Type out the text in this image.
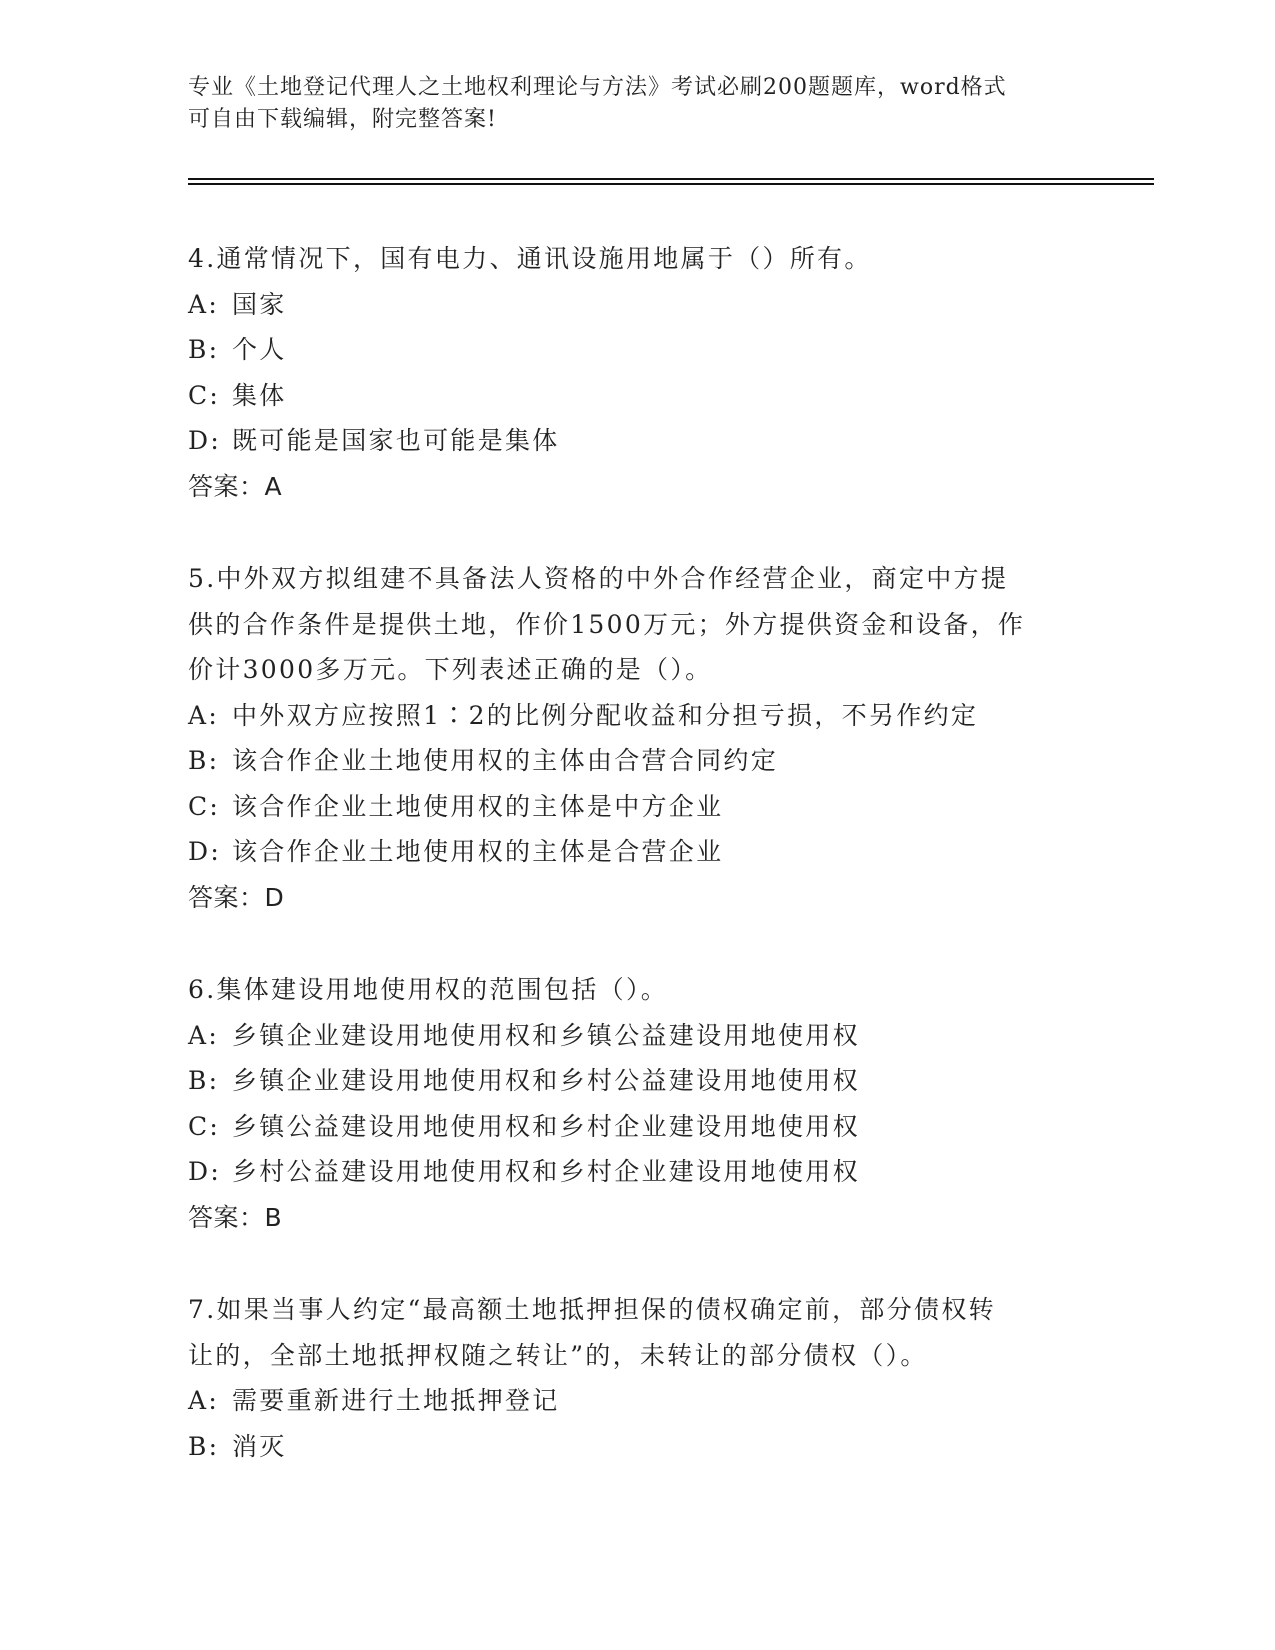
专业《土地登记代理人之土地权利理论与方法》考试必刷200题题库，word格式
可自由下载编辑，附完整答案!
4.通常情况下，国有电力、通讯设施用地属于（）所有。
A: 国家
B: 个人
C: 集体
D: 既可能是国家也可能是集体
答案：A
5.中外双方拟组建不具备法人资格的中外合作经营企业，商定中方提
供的合作条件是提供土地，作价1500万元；外方提供资金和设备，作
价计3000多万元。下列表述正确的是（）。
A: 中外双方应按照1∶2的比例分配收益和分担亏损，不另作约定
B: 该合作企业土地使用权的主体由合营合同约定
C: 该合作企业土地使用权的主体是中方企业
D: 该合作企业土地使用权的主体是合营企业
答案：D
6.集体建设用地使用权的范围包括（）。
A: 乡镇企业建设用地使用权和乡镇公益建设用地使用权
B: 乡镇企业建设用地使用权和乡村公益建设用地使用权
C: 乡镇公益建设用地使用权和乡村企业建设用地使用权
D: 乡村公益建设用地使用权和乡村企业建设用地使用权
答案：B
7.如果当事人约定“最高额土地抵押担保的债权确定前，部分债权转
让的，全部土地抵押权随之转让”的，未转让的部分债权（）。
A: 需要重新进行土地抵押登记
B: 消灭
